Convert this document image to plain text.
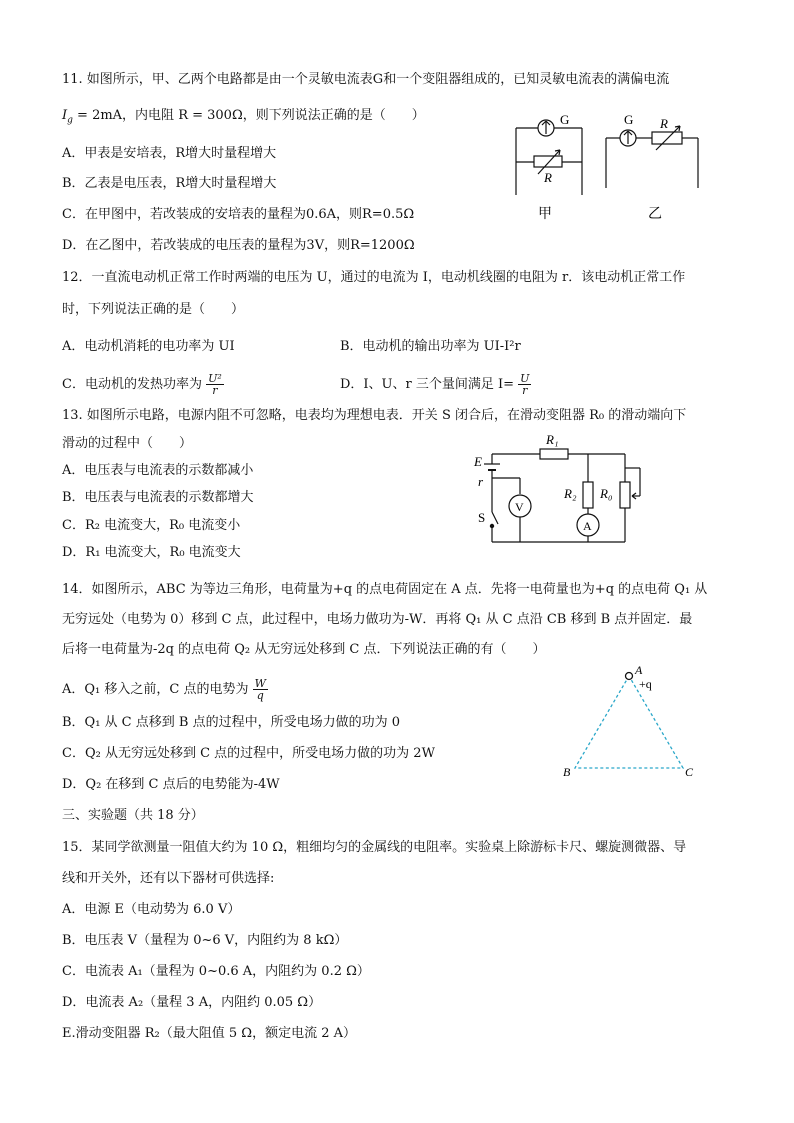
11. 如图所示，甲、乙两个电路都是由一个灵敏电流表G和一个变阻器组成的，已知灵敏电流表的满偏电流
$I_g = 2mA$，内电阻 R = 300Ω，则下列说法正确的是（　　）
A．甲表是安培表，R增大时量程增大
B．乙表是电压表，R增大时量程增大
C．在甲图中，若改装成的安培表的量程为0.6A，则R=0.5Ω
D．在乙图中，若改装成的电压表的量程为3V，则R=1200Ω
G
R
甲
G R
乙
12．一直流电动机正常工作时两端的电压为 U，通过的电流为 I，电动机线圈的电阻为 r．该电动机正常工作
时，下列说法正确的是（　　）
A．电动机消耗的电功率为 UI	B．电动机的输出功率为 UI-I²r
C．电动机的发热功率为 $\frac{\text{U²}}{r}$	D．I、U、r 三个量间满足 $I= \frac{U}{r}$
13. 如图所示电路，电源内阻不可忽略，电表均为理想电表．开关 S 闭合后，在滑动变阻器 R₀ 的滑动端向下
滑动的过程中（　　）
A．电压表与电流表的示数都减小
B．电压表与电流表的示数都增大
C．R₂ 电流变大，R₀ 电流变小
D．R₁ 电流变大，R₀ 电流变大
E
r
S
V
A
R₁
R₂ R₀
14．如图所示，ABC 为等边三角形，电荷量为+q 的点电荷固定在 A 点．先将一电荷量也为+q 的点电荷 Q₁ 从
无穷远处（电势为 0）移到 C 点，此过程中，电场力做功为-W．再将 Q₁ 从 C 点沿 CB 移到 B 点并固定．最
后将一电荷量为-2q 的点电荷 Q₂ 从无穷远处移到 C 点．下列说法正确的有（　　）
A．Q₁ 移入之前，C 点的电势为 $\frac{W}{q}$
B．Q₁ 从 C 点移到 B 点的过程中，所受电场力做的功为 0
C．Q₂ 从无穷远处移到 C 点的过程中，所受电场力做的功为 2W
D．Q₂ 在移到 C 点后的电势能为-4W
A
+q
B	C
三、实验题（共 18 分）
15．某同学欲测量一阻值大约为 10 Ω，粗细均匀的金属线的电阻率。实验桌上除游标卡尺、螺旋测微器、导
线和开关外，还有以下器材可供选择:
A．电源 E（电动势为 6.0 V）
B．电压表 V（量程为 0~6 V，内阻约为 8 kΩ）
C．电流表 A₁（量程为 0~0.6 A，内阻约为 0.2 Ω）
D．电流表 A₂（量程 3 A，内阻约 0.05 Ω）
E.滑动变阻器 R₂（最大阻值 5 Ω，额定电流 2 A）
